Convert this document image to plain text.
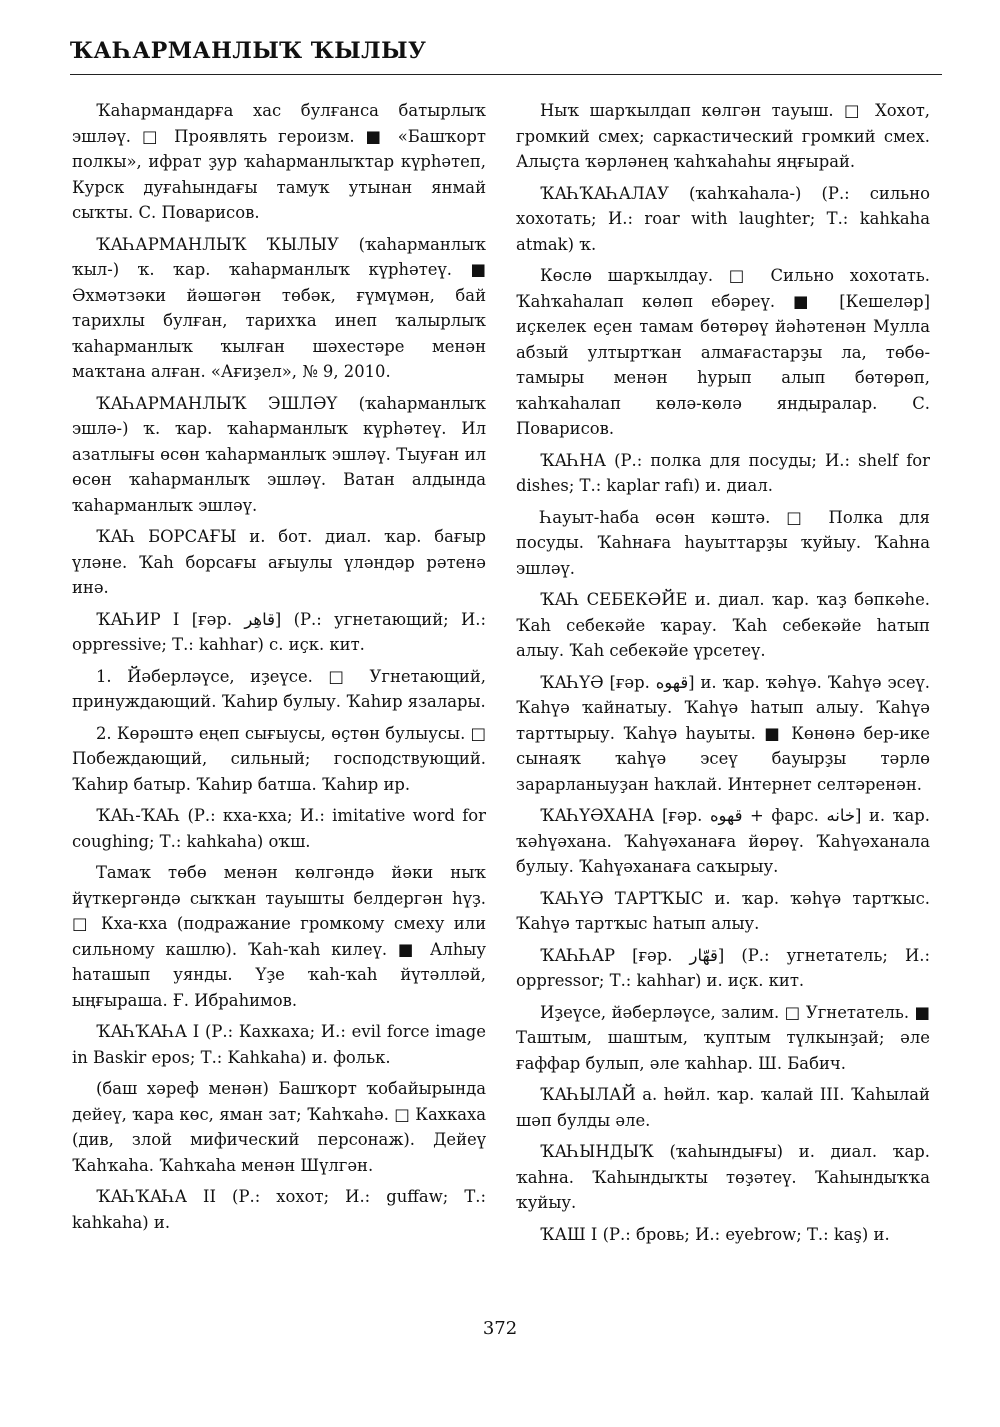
ҠАҺАРМАНЛЫҠ ҠЫЛЫУ

Ҡаһармандарға хас булғанса батырлыҡ эшләү. □ Проявлять героизм. ■ «Башҡорт полкы», ифрат ҙур ҡаһарманлыҡтар күрһәтеп, Курск дуғаһындағы тамуҡ утынан янмай сыҡты. С. Поварисов.

ҠАҺАРМАНЛЫҠ ҠЫЛЫУ (ҡаһарманлыҡ ҡыл-) ҡ. ҡар. ҡаһарманлыҡ күрһәтеү. ■ Әхмәтзәки йәшәгән төбәк, ғүмүмән, бай тарихлы булған, тарихҡа инеп ҡалырлыҡ ҡаһарманлыҡ ҡылған шәхестәре менән маҡтана алған. «Ағиҙел», № 9, 2010.

ҠАҺАРМАНЛЫҠ ЭШЛӘҮ (ҡаһарманлыҡ эшлә-) ҡ. ҡар. ҡаһарманлыҡ күрһәтеү. Ил азатлығы өсөн ҡаһарманлыҡ эшләү. Тыуған ил өсөн ҡаһарманлыҡ эшләү. Ватан алдында ҡаһарманлыҡ эшләү.

ҠАҺ БОРСАҒЫ и. бот. диал. ҡар. бағыр үләне. Ҡаһ борсағы ағыулы үләндәр рәтенә инә.

ҠАҺИР I [ғәр. قاهِر] (Р.: угнетающий; И.: oppressive; Т.: kahhar) с. иҫк. кит.

1. Йәберләүсе, иҙеүсе. □ Угнетающий, принуждающий. Ҡаһир булыу. Ҡаһир язалары.

2. Көрәштә еңеп сығыусы, өҫтөн булыусы. □ Побеждающий, сильный; господствующий. Ҡаһир батыр. Ҡаһир батша. Ҡаһир ир.

ҠАҺ-ҠАҺ (Р.: кха-кха; И.: imitative word for coughing; Т.: kahkaha) оҡш.

Тамаҡ төбө менән көлгәндә йәки ныҡ йүткергәндә сыҡҡан тауышты белдергән һүҙ. □ Кха-кха (подражание громкому смеху или сильному кашлю). Ҡаһ-ҡаһ килеү. ■ Алһыу һаташып уянды. Үҙе ҡаһ-ҡаһ йүтәлләй, ыңғыраша. Ғ. Ибраһимов.

ҠАҺҠАҺА I (Р.: Кахкаха; И.: evil force image in Baskir epos; Т.: Kahkaha) и. фольк.

(баш хәреф менән) Башҡорт ҡобайырында дейеү, ҡара көс, яман зат; Ҡаһҡаһә. □ Кахкаха (див, злой мифический персонаж). Дейеү Ҡаһҡаһа. Ҡаһҡаһа менән Шүлгән.

ҠАҺҠАҺА II (Р.: хохот; И.: guffaw; Т.: kahkaha) и.

Ныҡ шарҡылдап көлгән тауыш. □ Хохот, громкий смех; саркастический громкий смех. Алыҫта ҡәрләнең ҡаһҡаһаһы яңғырай.

ҠАҺҠАҺАЛАУ (ҡаһҡаһала-) (Р.: сильно хохотать; И.: roar with laughter; Т.: kahkaha atmak) ҡ.

Көслө шарҡылдау. □ Сильно хохотать. Ҡаһҡаһалап көлөп ебәреү. ■ [Кешеләр] иҫкелек еҫен тамам бөтөрөү йәһәтенән Мулла абзый ултыртҡан алмағастарҙы ла, төбө-тамыры менән һурып алып бөтөрөп, ҡаһҡаһалап көлә-көлә яндыралар. С. Поварисов.

ҠАҺНА (Р.: полка для посуды; И.: shelf for dishes; Т.: kaplar rafı) и. диал.

Һауыт-һаба өсөн кәштә. □ Полка для посуды. Ҡаһнаға һауыттарҙы ҡуйыу. Ҡаһна эшләү.

ҠАҺ СЕБЕКӘЙЕ и. диал. ҡар. ҡаҙ бәпкәһе. Ҡаһ себекәйе ҡарау. Ҡаһ себекәйе һатып алыу. Ҡаһ себекәйе үрсетеү.

ҠАҺҮӘ [ғәр. قهوه] и. ҡар. ҡәһүә. Ҡаһүә эсеү. Ҡаһүә ҡайнатыу. Ҡаһүә һатып алыу. Ҡаһүә тарттырыу. Ҡаһүә һауыты. ■ Көнөнә бер-ике сынаяҡ ҡаһүә эсеү бауырҙы тәрлө зарарланыуҙан һаҡлай. Интернет селтәренән.

ҠАҺҮӘХАНА [ғәр. قهوه + фарс. خانه] и. ҡар. ҡәһүәхана. Ҡаһүәханаға йөрөү. Ҡаһүәханала булыу. Ҡаһүәханаға саҡырыу.

ҠАҺҮӘ ТАРТҠЫС и. ҡар. ҡәһүә тартҡыс. Ҡаһүә тартҡыс һатып алыу.

ҠАҺҺАР [ғәр. قهّار] (Р.: угнетатель; И.: oppressor; Т.: kahhar) и. иҫк. кит.

Иҙеүсе, йәберләүсе, залим. □ Угнетатель. ■ Таштым, шаштым, ҡуптым түлкынҙай; әле ғаффар булып, әле ҡаһһар. Ш. Бабич.

ҠАҺЫЛАЙ а. һөйл. ҡар. ҡалай III. Ҡаһылай шәп булды әле.

ҠАҺЫНДЫҠ (ҡаһындығы) и. диал. ҡар. ҡаһна. Ҡаһындыҡты төҙәтеү. Ҡаһындыҡҡа ҡуйыу.

ҠАШ I (Р.: бровь; И.: eyebrow; Т.: kaş) и.

372
